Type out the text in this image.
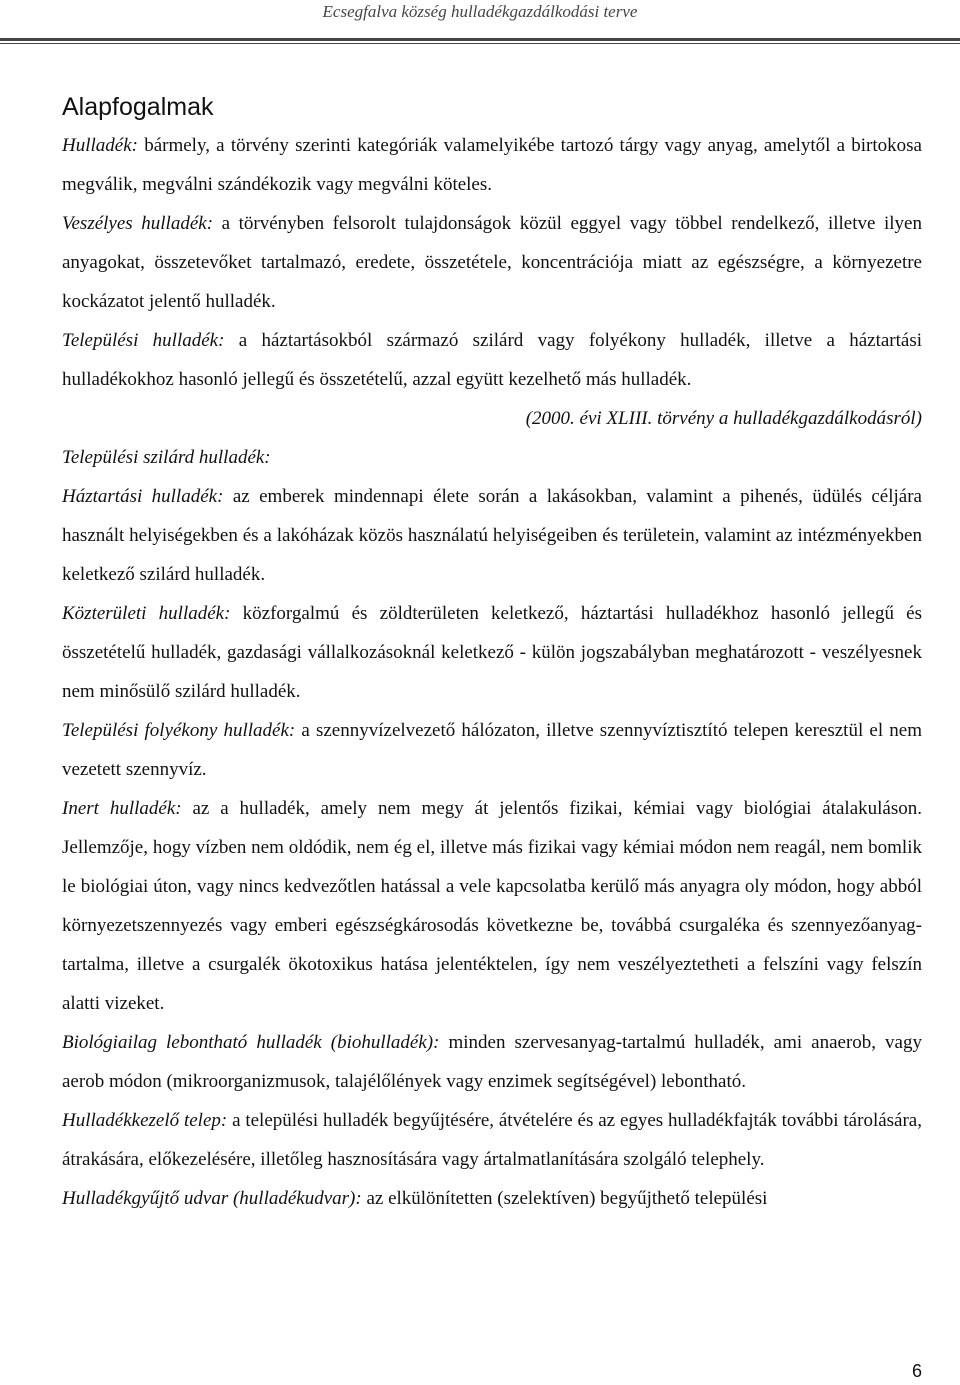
Ecsegfalva község hulladékgazdálkodási terve
Alapfogalmak

Hulladék: bármely, a törvény szerinti kategóriák valamelyikébe tartozó tárgy vagy anyag, amelytől a birtokosa megválik, megválni szándékozik vagy megválni köteles.

Veszélyes hulladék: a törvényben felsorolt tulajdonságok közül eggyel vagy többel rendelkező, illetve ilyen anyagokat, összetevőket tartalmazó, eredete, összetétele, koncentrációja miatt az egészségre, a környezetre kockázatot jelentő hulladék.

Települési hulladék: a háztartásokból származó szilárd vagy folyékony hulladék, illetve a háztartási hulladékokhoz hasonló jellegű és összetételű, azzal együtt kezelhető más hulladék.

(2000. évi XLIII. törvény a hulladékgazdálkodásról)

Települési szilárd hulladék:

Háztartási hulladék: az emberek mindennapi élete során a lakásokban, valamint a pihenés, üdülés céljára használt helyiségekben és a lakóházak közös használatú helyiségeiben és területein, valamint az intézményekben keletkező szilárd hulladék.

Közterületi hulladék: közforgalmú és zöldterületen keletkező, háztartási hulladékhoz hasonló jellegű és összetételű hulladék, gazdasági vállalkozásoknál keletkező - külön jogszabályban meghatározott - veszélyesnek nem minősülő szilárd hulladék.

Települési folyékony hulladék: a szennyvízelvezető hálózaton, illetve szennyvíztisztító telepen keresztül el nem vezetett szennyvíz.

Inert hulladék: az a hulladék, amely nem megy át jelentős fizikai, kémiai vagy biológiai átalakuláson. Jellemzője, hogy vízben nem oldódik, nem ég el, illetve más fizikai vagy kémiai módon nem reagál, nem bomlik le biológiai úton, vagy nincs kedvezőtlen hatással a vele kapcsolatba kerülő más anyagra oly módon, hogy abból környezetszennyezés vagy emberi egészségkárosodás következne be, továbbá csurgaléka és szennyezőanyag-tartalma, illetve a csurgalék ökotoxikus hatása jelentéktelen, így nem veszélyeztetheti a felszíni vagy felszín alatti vizeket.

Biológiailag lebontható hulladék (biohulladék): minden szervesanyag-tartalmú hulladék, ami anaerob, vagy aerob módon (mikroorganizmusok, talajélőlények vagy enzimek segítségével) lebontható.

Hulladékkezelő telep: a települési hulladék begyűjtésére, átvételére és az egyes hulladékfajták további tárolására, átrakására, előkezelésére, illetőleg hasznosítására vagy ártalmatlanítására szolgáló telephely.

Hulladékgyűjtő udvar (hulladékudvar): az elkülönítetten (szelektíven) begyűjthető települési

6
